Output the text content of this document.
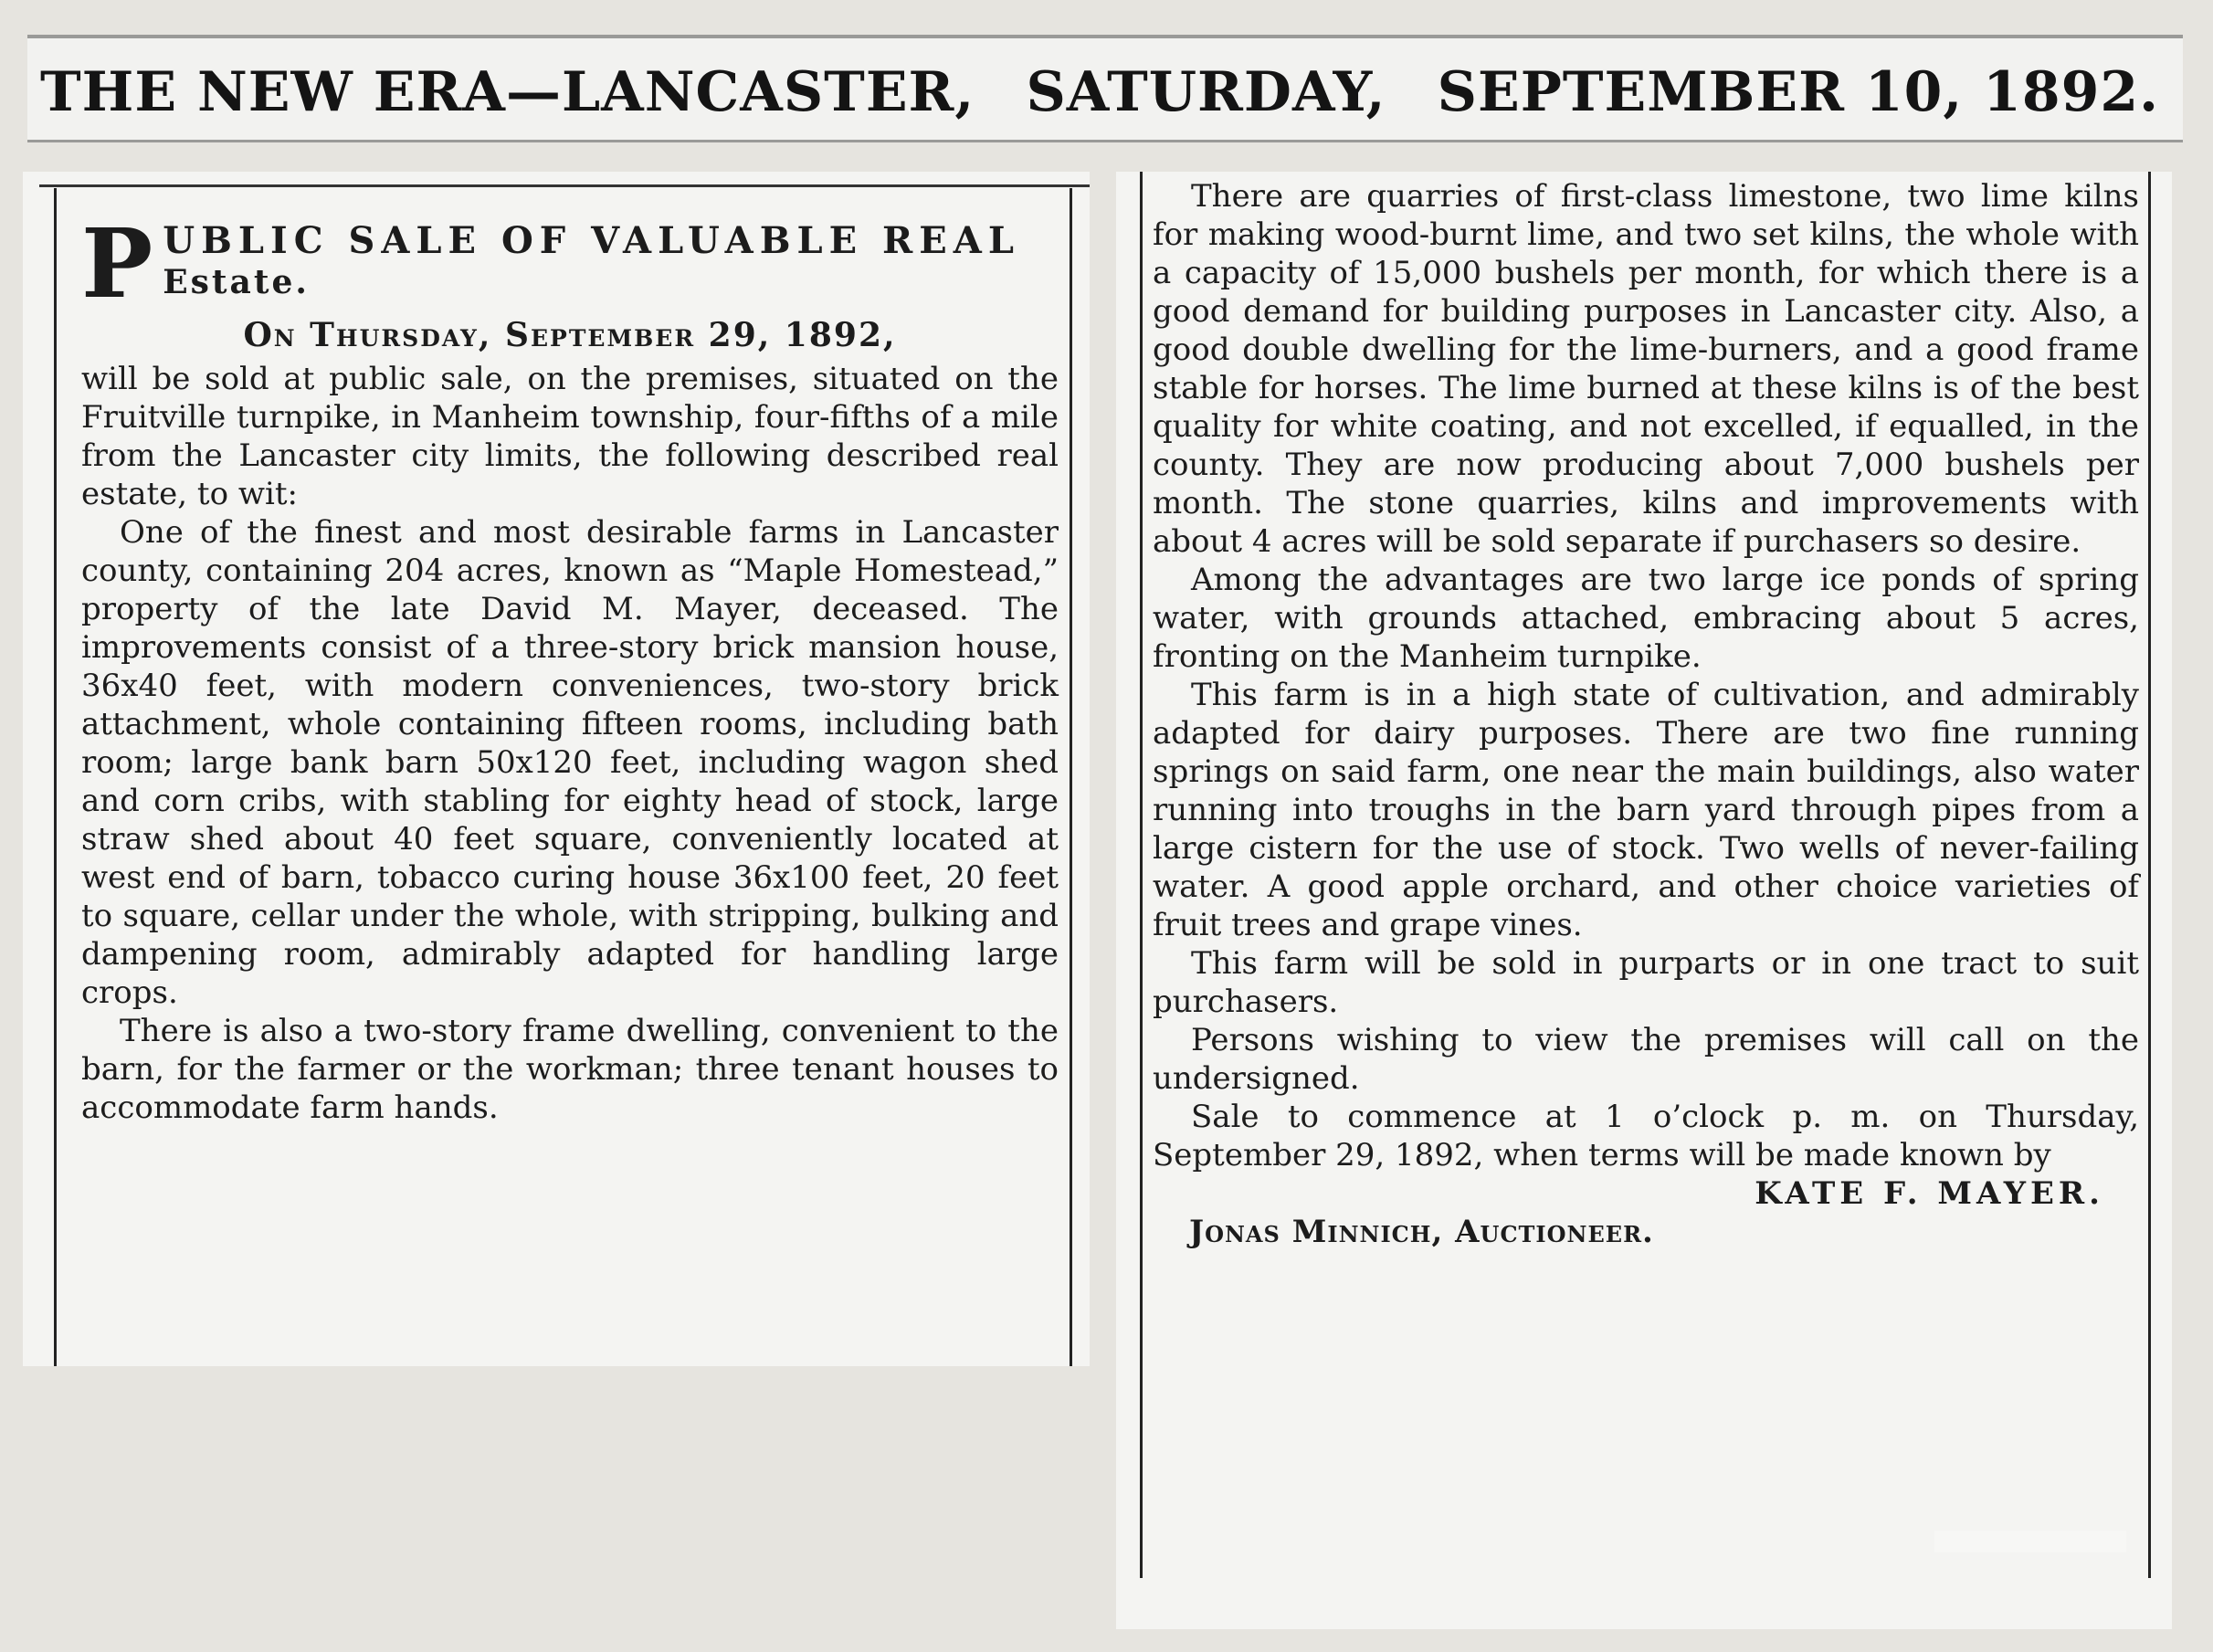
THE NEW ERA—LANCASTER, SATURDAY, SEPTEMBER 10, 1892.
P UBLIC SALE OF VALUABLE REAL
Estate.
On Thursday, September 29, 1892,

will be sold at public sale, on the premises, situated on the Fruitville turnpike, in Manheim township, four-fifths of a mile from the Lancaster city limits, the following described real estate, to wit:

One of the finest and most desirable farms in Lancaster county, containing 204 acres, known as “Maple Homestead,” property of the late David M. Mayer, deceased. The improvements consist of a three-story brick mansion house, 36x40 feet, with modern conveniences, two-story brick attachment, whole containing fifteen rooms, including bath room; large bank barn 50x120 feet, including wagon shed and corn cribs, with stabling for eighty head of stock, large straw shed about 40 feet square, conveniently located at west end of barn, tobacco curing house 36x100 feet, 20 feet to square, cellar under the whole, with stripping, bulking and dampening room, admirably adapted for handling large crops.

There is also a two-story frame dwelling, convenient to the barn, for the farmer or the workman; three tenant houses to accommodate farm hands.

There are quarries of first-class limestone, two lime kilns for making wood-burnt lime, and two set kilns, the whole with a capacity of 15,000 bushels per month, for which there is a good demand for building purposes in Lancaster city. Also, a good double dwelling for the lime-burners, and a good frame stable for horses. The lime burned at these kilns is of the best quality for white coating, and not excelled, if equalled, in the county. They are now producing about 7,000 bushels per month. The stone quarries, kilns and improvements with about 4 acres will be sold separate if purchasers so desire.

Among the advantages are two large ice ponds of spring water, with grounds attached, embracing about 5 acres, fronting on the Manheim turnpike.

This farm is in a high state of cultivation, and admirably adapted for dairy purposes. There are two fine running springs on said farm, one near the main buildings, also water running into troughs in the barn yard through pipes from a large cistern for the use of stock. Two wells of never-failing water. A good apple orchard, and other choice varieties of fruit trees and grape vines.

This farm will be sold in purparts or in one tract to suit purchasers.

Persons wishing to view the premises will call on the undersigned.

Sale to commence at 1 o’clock p. m. on Thursday, September 29, 1892, when terms will be made known by

KATE F. MAYER.
Jonas Minnich, Auctioneer.
